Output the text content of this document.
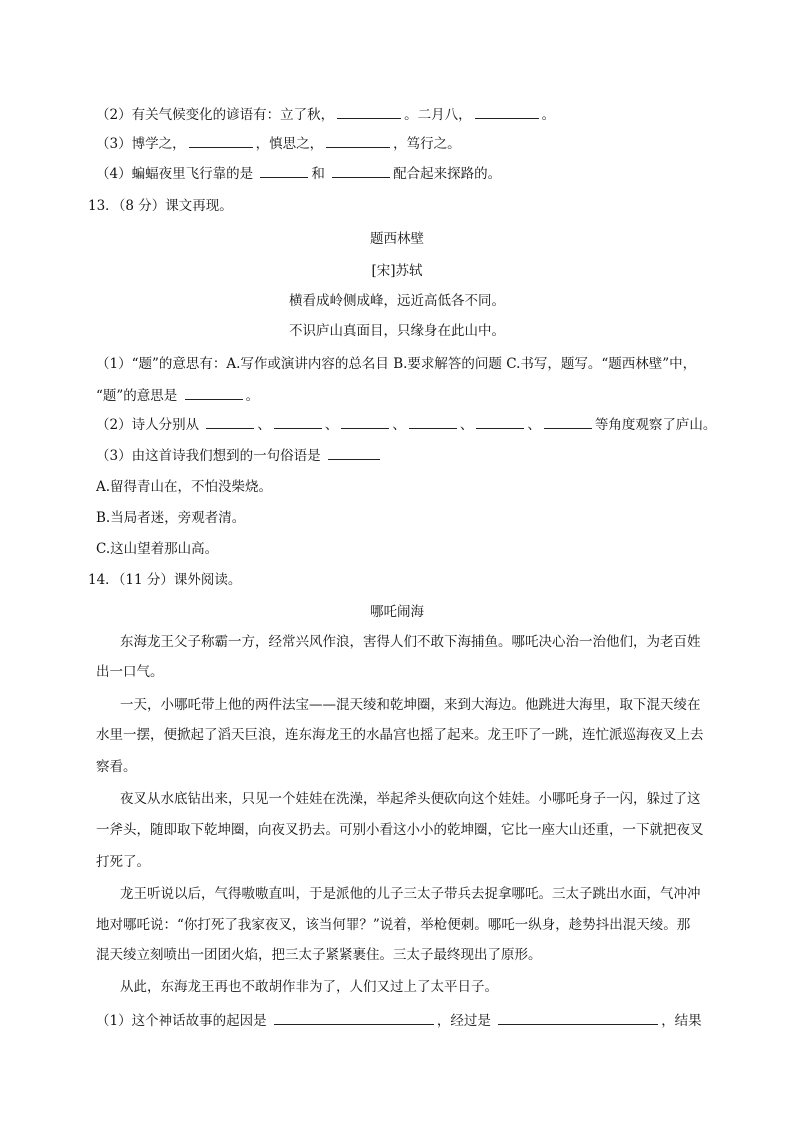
（2）有关气候变化的谚语有：立了秋，	。二月八，	。
（3）博学之，	，慎思之，	，笃行之。
（4）蝙蝠夜里飞行靠的是	和	配合起来探路的。
13．（8 分）课文再现。
题西林壁
[宋]苏轼
横看成岭侧成峰，远近高低各不同。
不识庐山真面目，只缘身在此山中。
（1）“题”的意思有：A.写作或演讲内容的总名目 B.要求解答的问题 C.书写，题写。“题西林壁”中，
“题”的意思是	。
（2）诗人分别从	、	、	、	、	、	等角度观察了庐山。
（3）由这首诗我们想到的一句俗语是
A.留得青山在，不怕没柴烧。
B.当局者迷，旁观者清。
C.这山望着那山高。
14．（11 分）课外阅读。
哪吒闹海
东海龙王父子称霸一方，经常兴风作浪，害得人们不敢下海捕鱼。哪吒决心治一治他们，为老百姓
出一口气。
一天，小哪吒带上他的两件法宝——混天绫和乾坤圈，来到大海边。他跳进大海里，取下混天绫在
水里一摆，便掀起了滔天巨浪，连东海龙王的水晶宫也摇了起来。龙王吓了一跳，连忙派巡海夜叉上去
察看。
夜叉从水底钻出来，只见一个娃娃在洗澡，举起斧头便砍向这个娃娃。小哪吒身子一闪，躲过了这
一斧头，随即取下乾坤圈，向夜叉扔去。可别小看这小小的乾坤圈，它比一座大山还重，一下就把夜叉
打死了。
龙王听说以后，气得嗷嗷直叫，于是派他的儿子三太子带兵去捉拿哪吒。三太子跳出水面，气冲冲
地对哪吒说：“你打死了我家夜叉，该当何罪？”说着，举枪便刺。哪吒一纵身，趁势抖出混天绫。那
混天绫立刻喷出一团团火焰，把三太子紧紧裹住。三太子最终现出了原形。
从此，东海龙王再也不敢胡作非为了，人们又过上了太平日子。
（1）这个神话故事的起因是	，经过是	，结果
